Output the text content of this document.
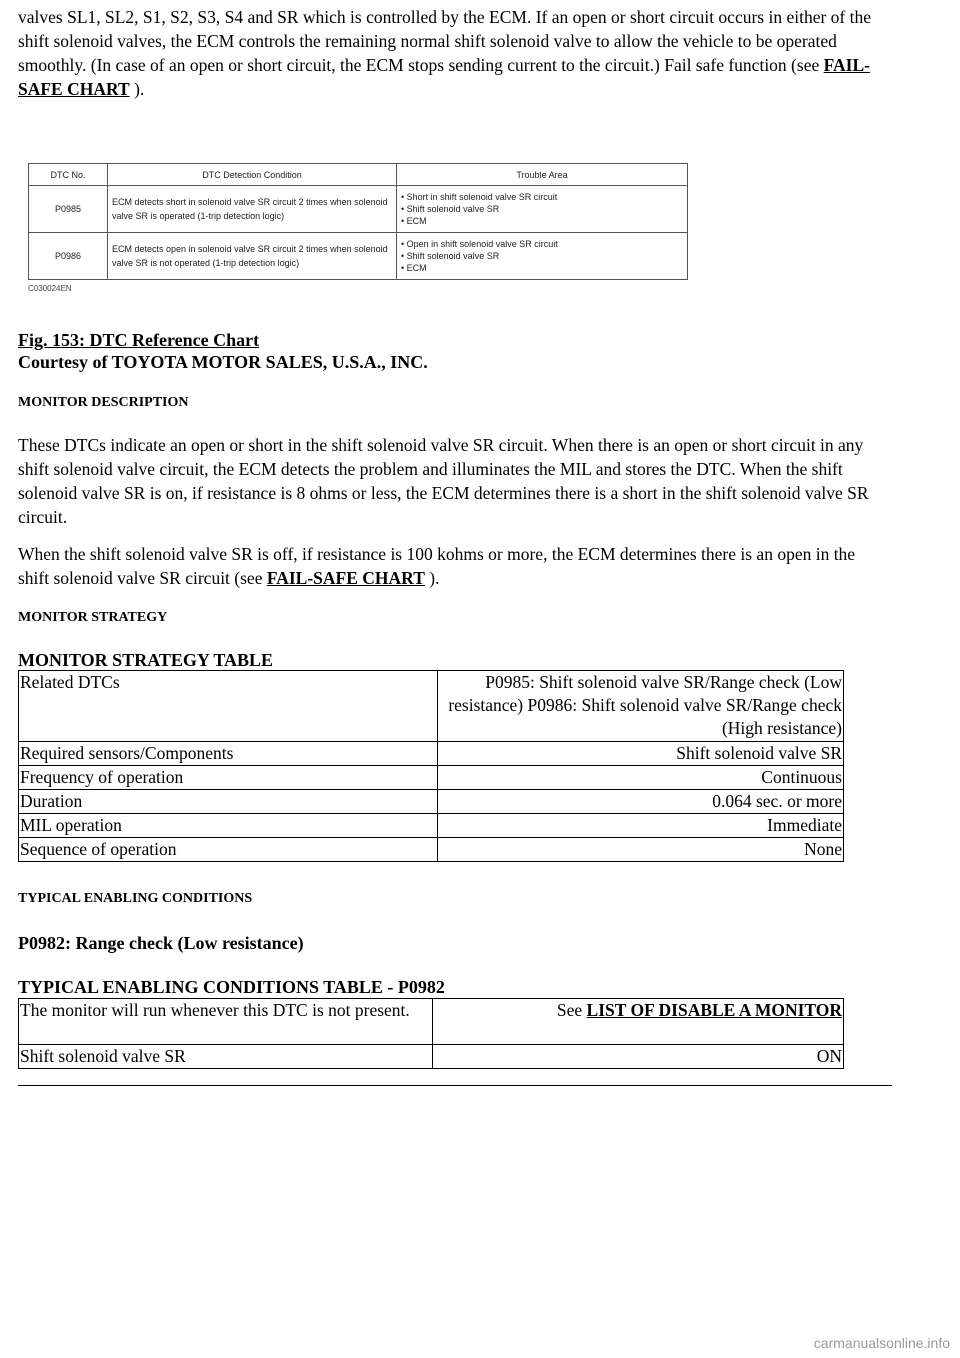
valves SL1, SL2, S1, S2, S3, S4 and SR which is controlled by the ECM. If an open or short circuit occurs in either of the shift solenoid valves, the ECM controls the remaining normal shift solenoid valve to allow the vehicle to be operated smoothly. (In case of an open or short circuit, the ECM stops sending current to the circuit.) Fail safe function (see FAIL-SAFE CHART ).

DTC No.	DTC Detection Condition	Trouble Area
P0985	ECM detects short in solenoid valve SR circuit 2 times when solenoid valve SR is operated (1-trip detection logic)	• Short in shift solenoid valve SR circuit
• Shift solenoid valve SR
• ECM

P0986	ECM detects open in solenoid valve SR circuit 2 times when solenoid valve SR is not operated (1-trip detection logic)	• Open in shift solenoid valve SR circuit
• Shift solenoid valve SR
• ECM
C030024EN
Fig. 153: DTC Reference Chart
Courtesy of TOYOTA MOTOR SALES, U.S.A., INC.
MONITOR DESCRIPTION

These DTCs indicate an open or short in the shift solenoid valve SR circuit. When there is an open or short circuit in any shift solenoid valve circuit, the ECM detects the problem and illuminates the MIL and stores the DTC. When the shift solenoid valve SR is on, if resistance is 8 ohms or less, the ECM determines there is a short in the shift solenoid valve SR circuit.

When the shift solenoid valve SR is off, if resistance is 100 kohms or more, the ECM determines there is an open in the shift solenoid valve SR circuit (see FAIL-SAFE CHART ).

MONITOR STRATEGY
MONITOR STRATEGY TABLE
Related DTCs	P0985: Shift solenoid valve SR/Range check (Low resistance) P0986: Shift solenoid valve SR/Range check (High resistance)
Required sensors/Components	Shift solenoid valve SR
Frequency of operation	Continuous
Duration	0.064 sec. or more
MIL operation	Immediate
Sequence of operation	None
TYPICAL ENABLING CONDITIONS
P0982: Range check (Low resistance)
TYPICAL ENABLING CONDITIONS TABLE - P0982
The monitor will run whenever this DTC is not present.	See LIST OF DISABLE A MONITOR
Shift solenoid valve SR	ON
carmanualsonline.info
